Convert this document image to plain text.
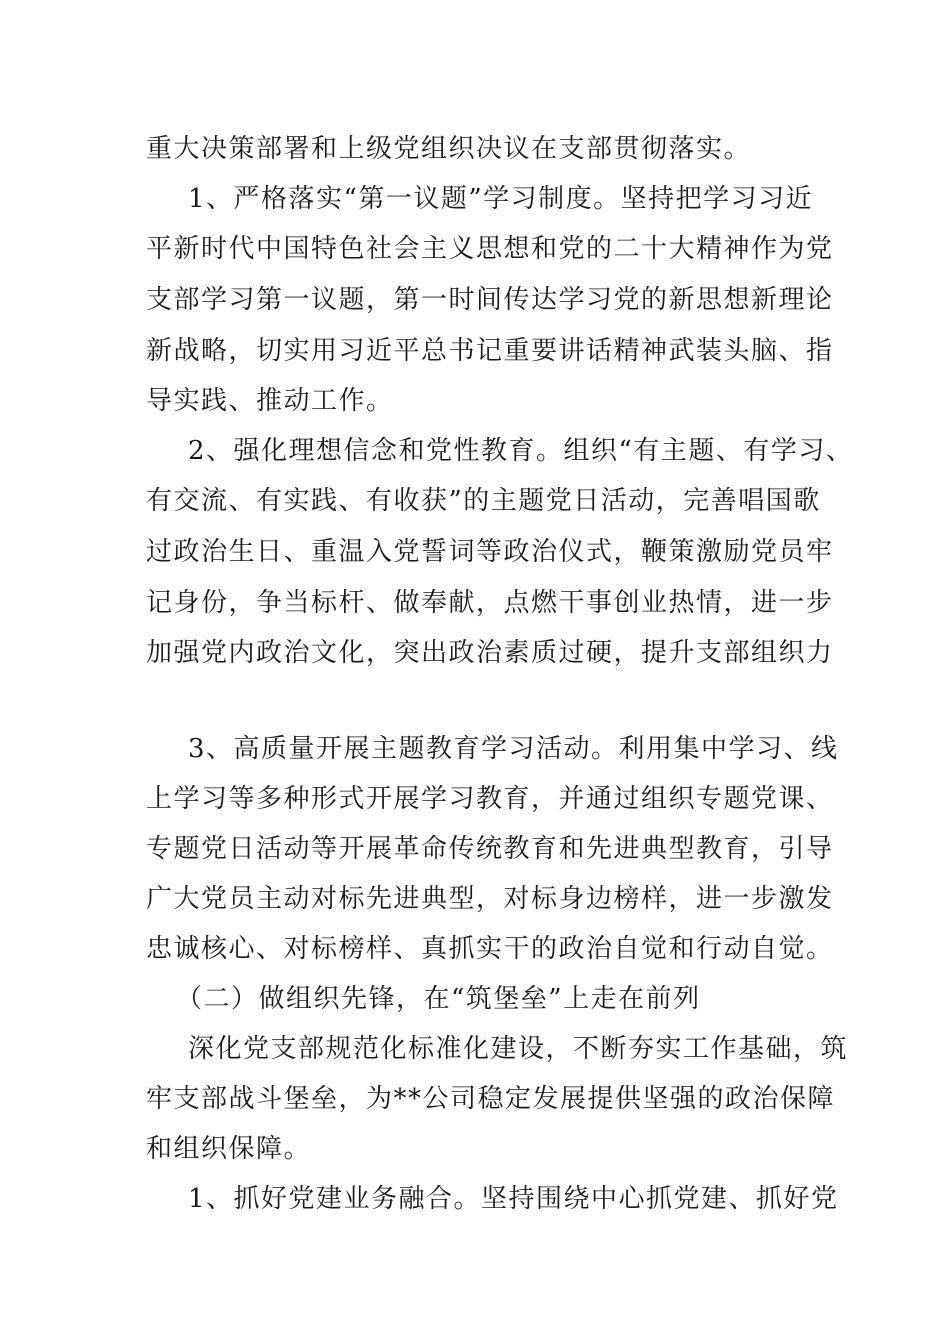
重大决策部署和上级党组织决议在支部贯彻落实。
1、严格落实“第一议题”学习制度。坚持把学习习近
平新时代中国特色社会主义思想和党的二十大精神作为党
支部学习第一议题，第一时间传达学习党的新思想新理论
新战略，切实用习近平总书记重要讲话精神武装头脑、指
导实践、推动工作。
2、强化理想信念和党性教育。组织“有主题、有学习、
有交流、有实践、有收获”的主题党日活动，完善唱国歌
过政治生日、重温入党誓词等政治仪式，鞭策激励党员牢
记身份，争当标杆、做奉献，点燃干事创业热情，进一步
加强党内政治文化，突出政治素质过硬，提升支部组织力
3、高质量开展主题教育学习活动。利用集中学习、线
上学习等多种形式开展学习教育，并通过组织专题党课、
专题党日活动等开展革命传统教育和先进典型教育，引导
广大党员主动对标先进典型，对标身边榜样，进一步激发
忠诚核心、对标榜样、真抓实干的政治自觉和行动自觉。
（二）做组织先锋，在“筑堡垒”上走在前列
深化党支部规范化标准化建设，不断夯实工作基础，筑
牢支部战斗堡垒，为**公司稳定发展提供坚强的政治保障
和组织保障。
1、抓好党建业务融合。坚持围绕中心抓党建、抓好党
